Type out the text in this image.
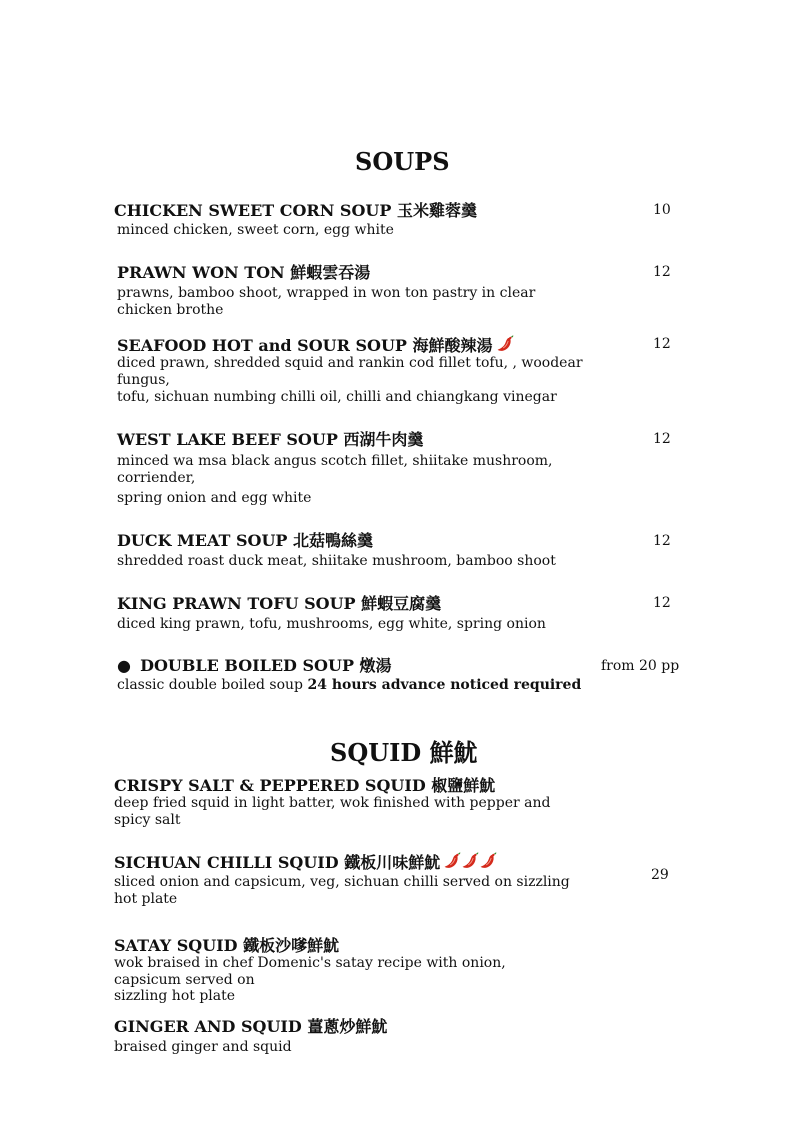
SOUPS
CHICKEN SWEET CORN SOUP 玉米雞蓉羹
minced chicken, sweet corn, egg white
10
PRAWN WON TON 鮮蝦雲吞湯
prawns, bamboo shoot, wrapped in won ton pastry in clear chicken brothe
12
SEAFOOD HOT and SOUR SOUP 海鮮酸辣湯
diced prawn, shredded squid and rankin cod fillet tofu, , woodear fungus,
tofu, sichuan numbing chilli oil, chilli and chiangkang vinegar
12
WEST LAKE BEEF SOUP 西湖牛肉羹
minced wa msa black angus scotch fillet, shiitake mushroom, corriender,
spring onion and egg white
12
DUCK MEAT SOUP 北菇鴨絲羹
shredded roast duck meat, shiitake mushroom, bamboo shoot
12
KING PRAWN TOFU SOUP 鮮蝦豆腐羹
diced king prawn, tofu, mushrooms, egg white, spring onion
12
● DOUBLE BOILED SOUP 燉湯
classic double boiled soup 24 hours advance noticed required
from 20 pp
SQUID 鮮魷
CRISPY SALT & PEPPERED SQUID 椒鹽鮮魷
deep fried squid in light batter, wok finished with pepper and spicy salt
SICHUAN CHILLI SQUID 鐵板川味鮮魷
sliced onion and capsicum, veg, sichuan chilli served on sizzling hot plate
29
SATAY SQUID 鐵板沙嗲鮮魷
wok braised in chef Domenic's satay recipe with onion, capsicum served on
sizzling hot plate
GINGER AND SQUID 薑蔥炒鮮魷
braised ginger and squid
